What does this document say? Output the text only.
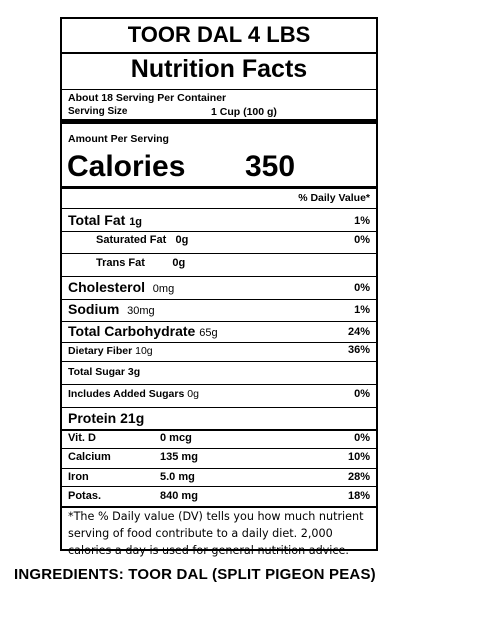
TOOR DAL 4 LBS
Nutrition Facts
About 18 Serving Per Container
Serving Size	1 Cup (100 g)
Amount Per Serving
Calories 350
% Daily Value*
Total Fat 1g	1%
Saturated Fat 0g	0%
Trans Fat	0g
Cholesterol 0mg	0%
Sodium 30mg	1%
Total Carbohydrate 65g	24%
Dietary Fiber 10g	36%
Total Sugar 3g
Includes Added Sugars 0g	0%
Protein 21g
Vit. D	0 mcg	0%
Calcium	135 mg	10%
Iron	5.0 mg	28%
Potas.	840 mg	18%
*The % Daily value (DV) tells you how much nutrient serving of food contribute to a daily diet. 2,000 calories a day is used for general nutrition advice.
INGREDIENTS: TOOR DAL (SPLIT PIGEON PEAS)
